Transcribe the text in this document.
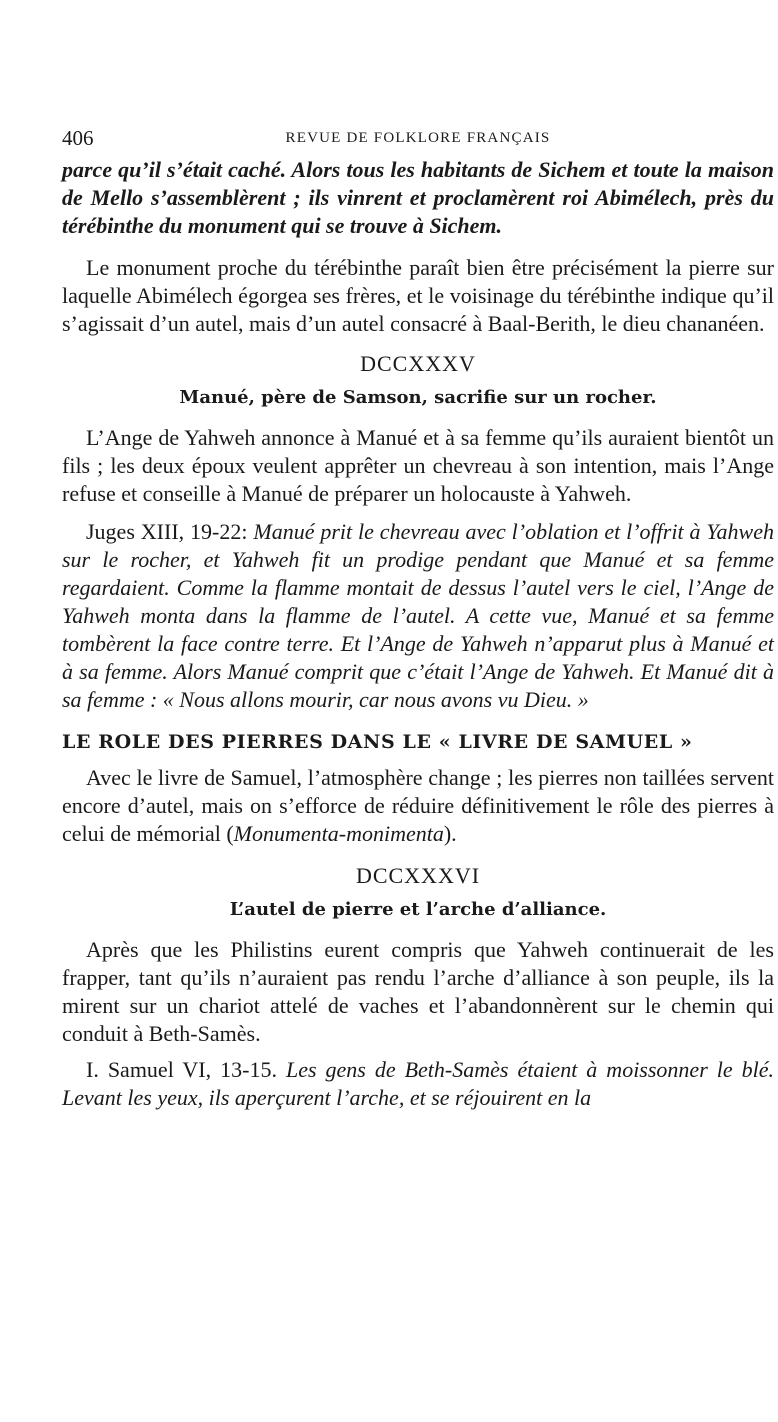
406	REVUE DE FOLKLORE FRANÇAIS

parce qu’il s’était caché. Alors tous les habitants de Sichem et toute la maison de Mello s’assemblèrent ; ils vinrent et proclamèrent roi Abimélech, près du térébinthe du monument qui se trouve à Sichem.

Le monument proche du térébinthe paraît bien être précisément la pierre sur laquelle Abimélech égorgea ses frères, et le voisinage du térébinthe indique qu’il s’agissait d’un autel, mais d’un autel consacré à Baal-Berith, le dieu chananéen.

DCCXXXV

Manué, père de Samson, sacrifie sur un rocher.

L’Ange de Yahweh annonce à Manué et à sa femme qu’ils auraient bientôt un fils ; les deux époux veulent apprêter un chevreau à son intention, mais l’Ange refuse et conseille à Manué de préparer un holocauste à Yahweh.

Juges XIII, 19-22: Manué prit le chevreau avec l’oblation et l’offrit à Yahweh sur le rocher, et Yahweh fit un prodige pendant que Manué et sa femme regardaient. Comme la flamme montait de dessus l’autel vers le ciel, l’Ange de Yahweh monta dans la flamme de l’autel. A cette vue, Manué et sa femme tombèrent la face contre terre. Et l’Ange de Yahweh n’apparut plus à Manué et à sa femme. Alors Manué comprit que c’était l’Ange de Yahweh. Et Manué dit à sa femme : « Nous allons mourir, car nous avons vu Dieu. »

LE ROLE DES PIERRES DANS LE « LIVRE DE SAMUEL »

Avec le livre de Samuel, l’atmosphère change ; les pierres non taillées servent encore d’autel, mais on s’efforce de réduire définitivement le rôle des pierres à celui de mémorial (Monumenta-monimenta).

DCCXXXVI

L’autel de pierre et l’arche d’alliance.

Après que les Philistins eurent compris que Yahweh continuerait de les frapper, tant qu’ils n’auraient pas rendu l’arche d’alliance à son peuple, ils la mirent sur un chariot attelé de vaches et l’abandonnèrent sur le chemin qui conduit à Beth-Samès.

I. Samuel VI, 13-15. Les gens de Beth-Samès étaient à moissonner le blé. Levant les yeux, ils aperçurent l’arche, et se réjouirent en la
